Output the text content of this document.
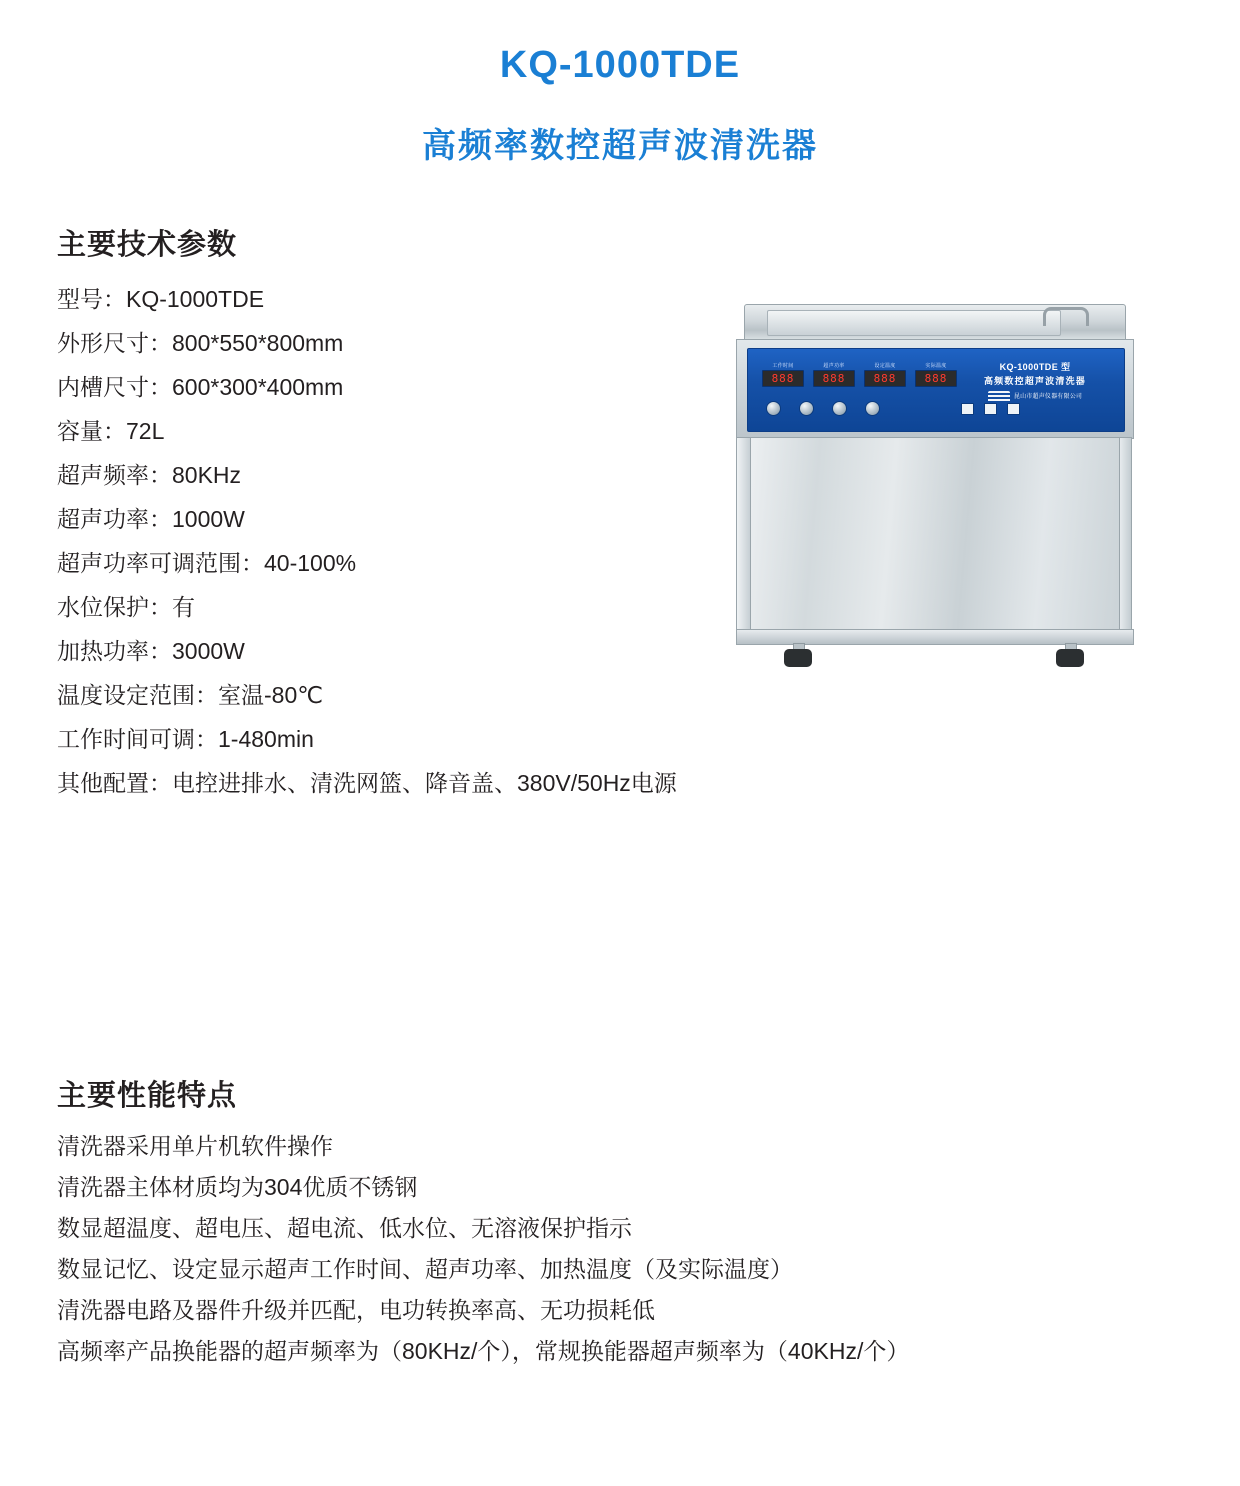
KQ-1000TDE
高频率数控超声波清洗器
主要技术参数
型号：KQ-1000TDE
外形尺寸：800*550*800mm
内槽尺寸：600*300*400mm
容量：72L
超声频率：80KHz
超声功率：1000W
超声功率可调范围：40-100%
水位保护：有
加热功率：3000W
温度设定范围：室温-80℃
工作时间可调：1-480min
其他配置：电控进排水、清洗网篮、降音盖、380V/50Hz电源
工作时间
888
超声功率
888
设定温度
888
实际温度
888
KQ-1000TDE 型
高频数控超声波清洗器
昆山市超声仪器有限公司
主要性能特点
清洗器采用单片机软件操作
清洗器主体材质均为304优质不锈钢
数显超温度、超电压、超电流、低水位、无溶液保护指示
数显记忆、设定显示超声工作时间、超声功率、加热温度（及实际温度）
清洗器电路及器件升级并匹配，电功转换率高、无功损耗低
高频率产品换能器的超声频率为（80KHz/个），常规换能器超声频率为（40KHz/个）
